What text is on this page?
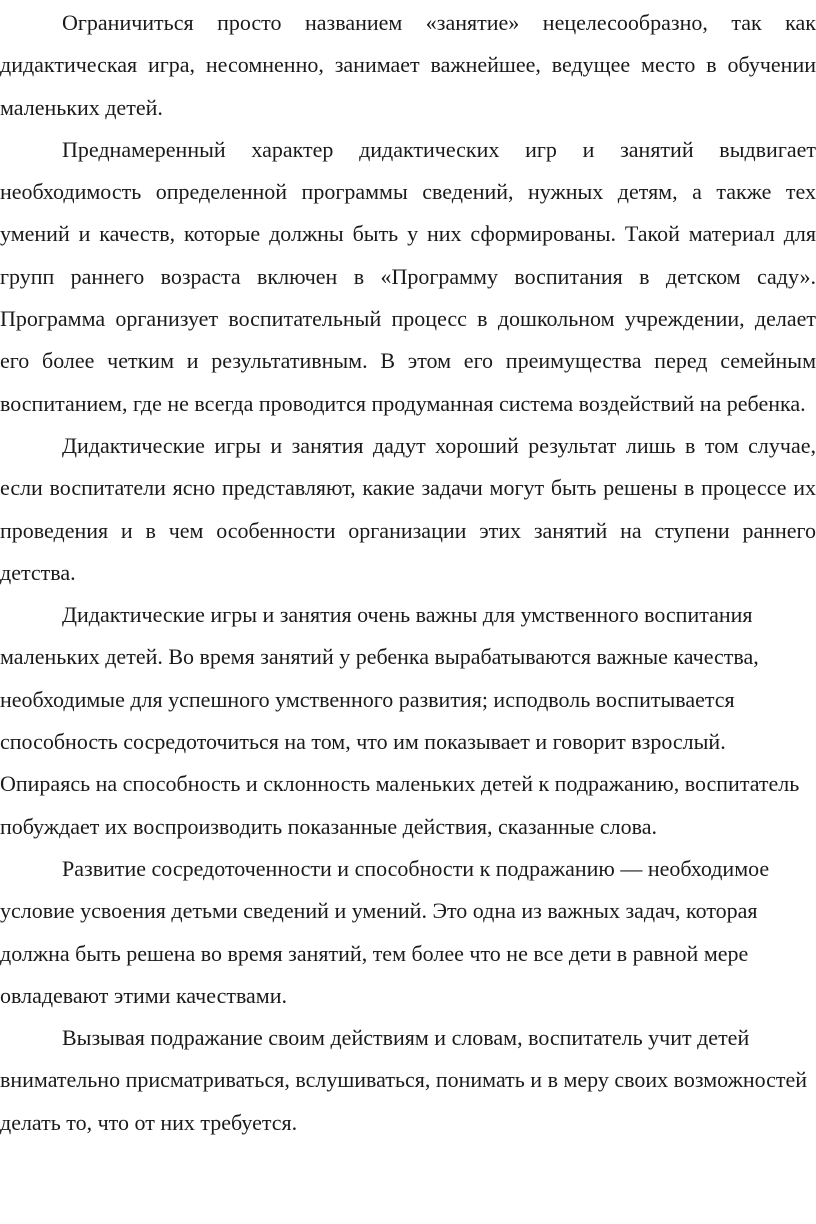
Ограничиться просто названием «занятие» нецелесообразно, так как дидактическая игра, несомненно, занимает важнейшее, ведущее место в обучении маленьких детей.

Преднамеренный характер дидактических игр и занятий выдвигает необходимость определенной программы сведений, нужных детям, а также тех умений и качеств, которые должны быть у них сформированы. Такой материал для групп раннего возраста включен в «Программу воспитания в детском саду». Программа организует воспитательный процесс в дошкольном учреждении, делает его более четким и результативным. В этом его преимущества перед семейным воспитанием, где не всегда проводится продуманная система воздействий на ребенка.

Дидактические игры и занятия дадут хороший результат лишь в том случае, если воспитатели ясно представляют, какие задачи могут быть решены в процессе их проведения и в чем особенности организации этих занятий на ступени раннего детства.

Дидактические игры и занятия очень важны для умственного воспитания маленьких детей. Во время занятий у ребенка вырабатываются важные качества, необходимые для успешного умственного развития; исподволь воспитывается способность сосредоточиться на том, что им показывает и говорит взрослый. Опираясь на способность и склонность маленьких детей к подражанию, воспитатель побуждает их воспроизводить показанные действия, сказанные слова.

Развитие сосредоточенности и способности к подражанию — необходимое условие усвоения детьми сведений и умений. Это одна из важных задач, которая должна быть решена во время занятий, тем более что не все дети в равной мере овладевают этими качествами.

Вызывая подражание своим действиям и словам, воспитатель учит детей внимательно присматриваться, вслушиваться, понимать и в меру своих возможностей делать то, что от них требуется.
